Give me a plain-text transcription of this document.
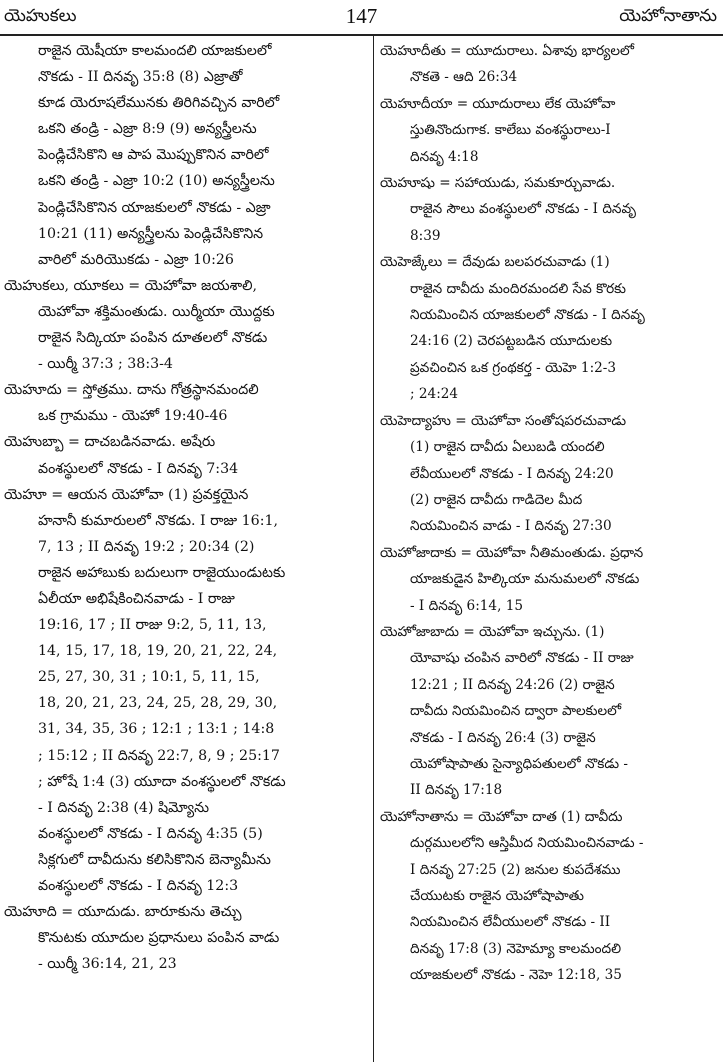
యెహుకలు	147	యెహోనాతాను
రాజైన యెషీయా కాలమందలి యాజకులలో
నొకడు - II దినవృ 35:8 (8) ఎజ్రాతో
కూడ యెరూషలేమునకు తిరిగివచ్చిన వారిలో
ఒకని తండ్రి - ఎజ్రా 8:9 (9) అన్యస్త్రీలను
పెండ్లిచేసికొని ఆ పాప మొప్పుకొనిన వారిలో
ఒకని తండ్రి - ఎజ్రా 10:2 (10) అన్యస్త్రీలను
పెండ్లిచేసికొనిన యాజకులలో నొకడు - ఎజ్రా
10:21 (11) అన్యస్త్రీలను పెండ్లిచేసికొనిన
వారిలో మరియొకడు - ఎజ్రా 10:26
యెహుకలు, యూకలు = యెహోవా జయశాలి,
యెహోవా శక్తిమంతుడు. యిర్మీయా యొద్దకు
రాజైన సిద్కియా పంపిన దూతలలో నొకడు
- యిర్మీ 37:3 ; 38:3-4
యెహూదు = స్తోత్రము. దాను గోత్రస్థానమందలి
ఒక గ్రామము - యెహో 19:40-46
యెహుబ్బా = దాచబడినవాడు. అషేరు
వంశస్థులలో నొకడు - I దినవృ 7:34
యెహూ = ఆయన యెహోవా (1) ప్రవక్తయైన
హనానీ కుమారులలో నొకడు. I రాజు 16:1,
7, 13 ; II దినవృ 19:2 ; 20:34 (2)
రాజైన అహాబుకు బదులుగా రాజైయుండుటకు
ఏలీయా అభిషేకించినవాడు - I రాజు
19:16, 17 ; II రాజు 9:2, 5, 11, 13,
14, 15, 17, 18, 19, 20, 21, 22, 24,
25, 27, 30, 31 ; 10:1, 5, 11, 15,
18, 20, 21, 23, 24, 25, 28, 29, 30,
31, 34, 35, 36 ; 12:1 ; 13:1 ; 14:8
; 15:12 ; II దినవృ 22:7, 8, 9 ; 25:17
; హోషే 1:4 (3) యూదా వంశస్థులలో నొకడు
- I దినవృ 2:38 (4) షిమ్యోను
వంశస్థులలో నొకడు - I దినవృ 4:35 (5)
సిక్లగులో దావీదును కలిసికొనిన బెన్యామీను
వంశస్థులలో నొకడు - I దినవృ 12:3
యెహూది = యూదుడు. బారూకును తెచ్చు
కొనుటకు యూదుల ప్రధానులు పంపిన వాడు
- యిర్మీ 36:14, 21, 23
యెహూదీతు = యూదురాలు. ఏశావు భార్యలలో
నొకతె - ఆది 26:34
యెహూదీయా = యూదురాలు లేక యెహోవా
స్తుతినొందుగాక. కాలేబు వంశస్థురాలు-I
దినవృ 4:18
యెహూషు = సహాయుడు, సమకూర్చువాడు.
రాజైన సౌలు వంశస్థులలో నొకడు - I దినవృ
8:39
యెహెజ్కేలు = దేవుడు బలపరచువాడు (1)
రాజైన దావీదు మందిరమందలి సేవ కొరకు
నియమించిన యాజకులలో నొకడు - I దినవృ
24:16 (2) చెరపట్టబడిన యూదులకు
ప్రవచించిన ఒక గ్రంథకర్త - యెహె 1:2-3
; 24:24
యెహెద్యాహు = యెహోవా సంతోషపరచువాడు
(1) రాజైన దావీదు ఏలుబడి యందలి
లేవీయులలో నొకడు - I దినవృ 24:20
(2) రాజైన దావీదు గాడిదెల మీద
నియమించిన వాడు - I దినవృ 27:30
యెహోజాదాకు = యెహోవా నీతిమంతుడు. ప్రధాన
యాజకుడైన హిల్కియా మనుమలలో నొకడు
- I దినవృ 6:14, 15
యెహోజాబాదు = యెహోవా ఇచ్చును. (1)
యోవాషు చంపిన వారిలో నొకడు - II రాజు
12:21 ; II దినవృ 24:26 (2) రాజైన
దావీదు నియమించిన ద్వారా పాలకులలో
నొకడు - I దినవృ 26:4 (3) రాజైన
యెహోషాపాతు సైన్యాధిపతులలో నొకడు -
II దినవృ 17:18
యెహోనాతాను = యెహోవా దాత (1) దావీదు
దుర్గములలోని ఆస్తిమీద నియమించినవాడు -
I దినవృ 27:25 (2) జనుల కుపదేశము
చేయుటకు రాజైన యెహోషాపాతు
నియమించిన లేవీయులలో నొకడు - II
దినవృ 17:8 (3) నెహెమ్యా కాలమందలి
యాజకులలో నొకడు - నెహె 12:18, 35
